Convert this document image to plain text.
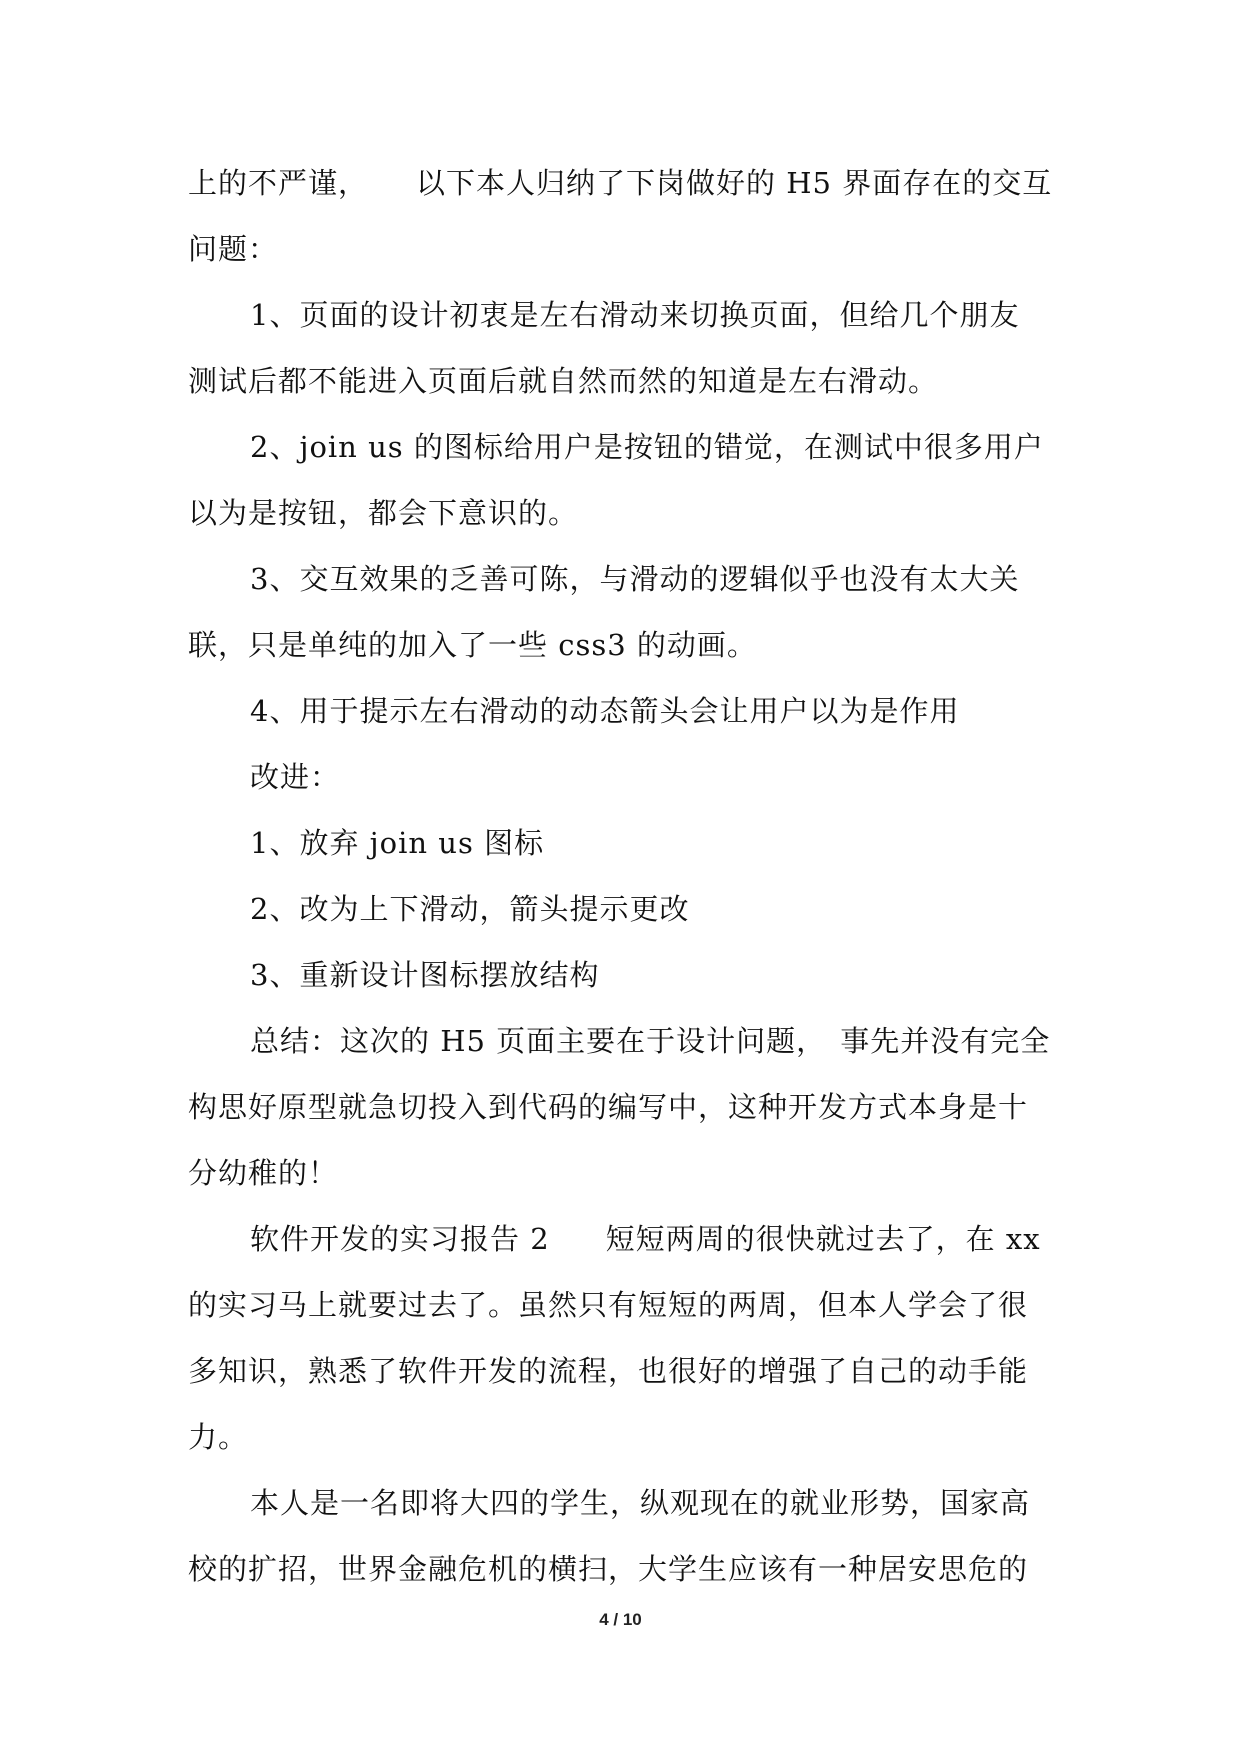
上的不严谨， 以下本人归纳了下岗做好的 H5 界面存在的交互
问题：
1、页面的设计初衷是左右滑动来切换页面，但给几个朋友
测试后都不能进入页面后就自然而然的知道是左右滑动。
2、join us 的图标给用户是按钮的错觉，在测试中很多用户
以为是按钮，都会下意识的。
3、交互效果的乏善可陈，与滑动的逻辑似乎也没有太大关
联，只是单纯的加入了一些 css3 的动画。
4、用于提示左右滑动的动态箭头会让用户以为是作用
改进：
1、放弃 join us 图标
2、改为上下滑动，箭头提示更改
3、重新设计图标摆放结构
总结：这次的 H5 页面主要在于设计问题， 事先并没有完全
构思好原型就急切投入到代码的编写中，这种开发方式本身是十
分幼稚的！
软件开发的实习报告 2 短短两周的很快就过去了，在 xx
的实习马上就要过去了。虽然只有短短的两周，但本人学会了很
多知识，熟悉了软件开发的流程，也很好的增强了自己的动手能
力。
本人是一名即将大四的学生，纵观现在的就业形势，国家高
校的扩招，世界金融危机的横扫，大学生应该有一种居安思危的
4 / 10
